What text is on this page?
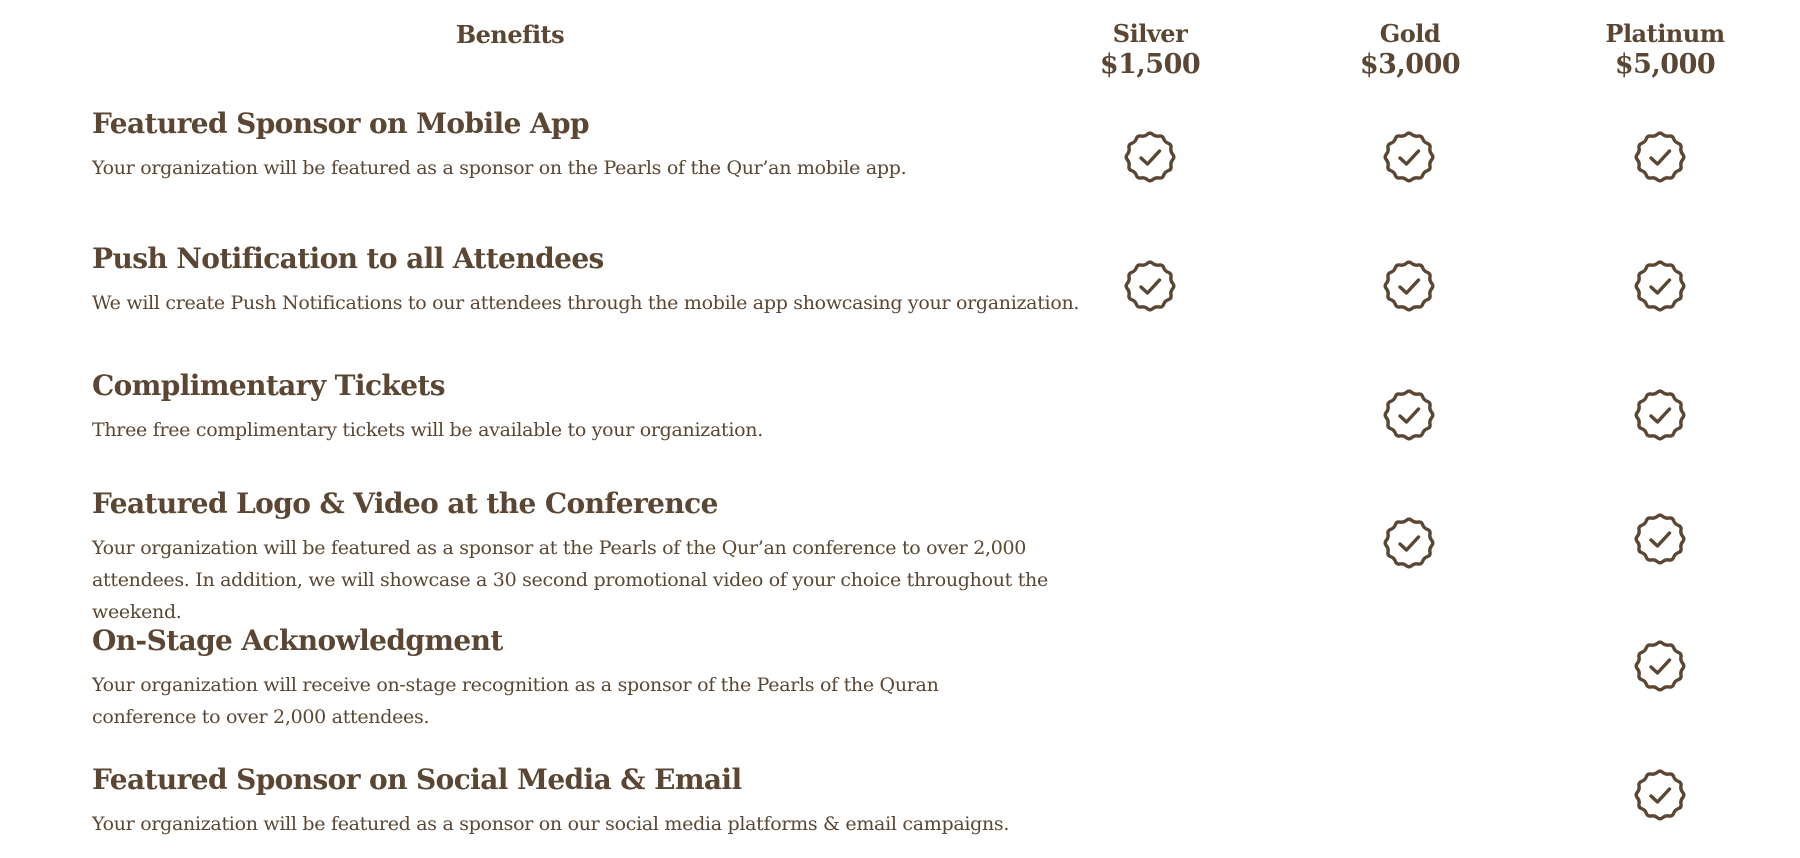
Benefits	Silver
$1,500
Gold
$3,000
Platinum
$5,000
Featured Sponsor on Mobile App
Your organization will be featured as a sponsor on the Pearls of the Qur’an mobile app.
Push Notification to all Attendees
We will create Push Notifications to our attendees through the mobile app showcasing your organization.
Complimentary Tickets
Three free complimentary tickets will be available to your organization.
Featured Logo & Video at the Conference
Your organization will be featured as a sponsor at the Pearls of the Qur’an conference to over 2,000 attendees. In addition, we will showcase a 30 second promotional video of your choice throughout the weekend.
On-Stage Acknowledgment
Your organization will receive on-stage recognition as a sponsor of the Pearls of the Quran conference to over 2,000 attendees.
Featured Sponsor on Social Media & Email
Your organization will be featured as a sponsor on our social media platforms & email campaigns.
